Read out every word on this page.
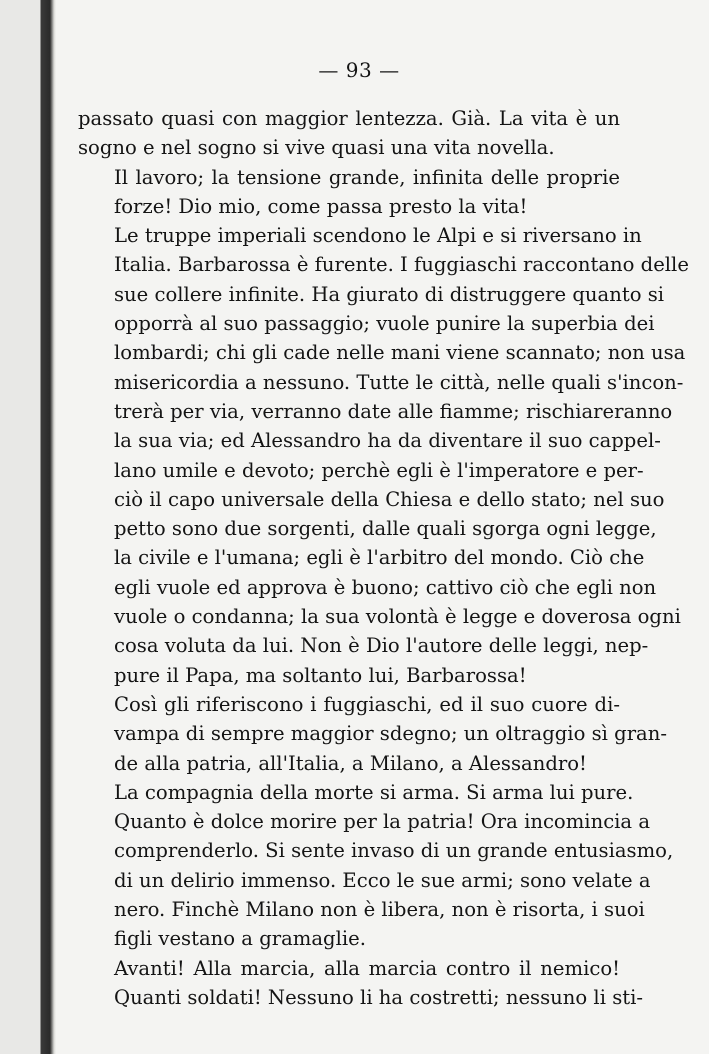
— 93 —

passato quasi con maggior lentezza. Già. La vita è un
sogno e nel sogno si vive quasi una vita novella.

Il lavoro; la tensione grande, infinita delle proprie
forze! Dio mio, come passa presto la vita!

Le truppe imperiali scendono le Alpi e si riversano in
Italia. Barbarossa è furente. I fuggiaschi raccontano delle
sue collere infinite. Ha giurato di distruggere quanto si
opporrà al suo passaggio; vuole punire la superbia dei
lombardi; chi gli cade nelle mani viene scannato; non usa
misericordia a nessuno. Tutte le città, nelle quali s'incon-
trerà per via, verranno date alle fiamme; rischiareranno
la sua via; ed Alessandro ha da diventare il suo cappel-
lano umile e devoto; perchè egli è l'imperatore e per-
ciò il capo universale della Chiesa e dello stato; nel suo
petto sono due sorgenti, dalle quali sgorga ogni legge,
la civile e l'umana; egli è l'arbitro del mondo. Ciò che
egli vuole ed approva è buono; cattivo ciò che egli non
vuole o condanna; la sua volontà è legge e doverosa ogni
cosa voluta da lui. Non è Dio l'autore delle leggi, nep-
pure il Papa, ma soltanto lui, Barbarossa!

Così gli riferiscono i fuggiaschi, ed il suo cuore di-
vampa di sempre maggior sdegno; un oltraggio sì gran-
de alla patria, all'Italia, a Milano, a Alessandro!

La compagnia della morte si arma. Si arma lui pure.
Quanto è dolce morire per la patria! Ora incomincia a
comprenderlo. Si sente invaso di un grande entusiasmo,
di un delirio immenso. Ecco le sue armi; sono velate a
nero. Finchè Milano non è libera, non è risorta, i suoi
figli vestano a gramaglie.

Avanti! Alla marcia, alla marcia contro il nemico!
Quanti soldati! Nessuno li ha costretti; nessuno li sti-
